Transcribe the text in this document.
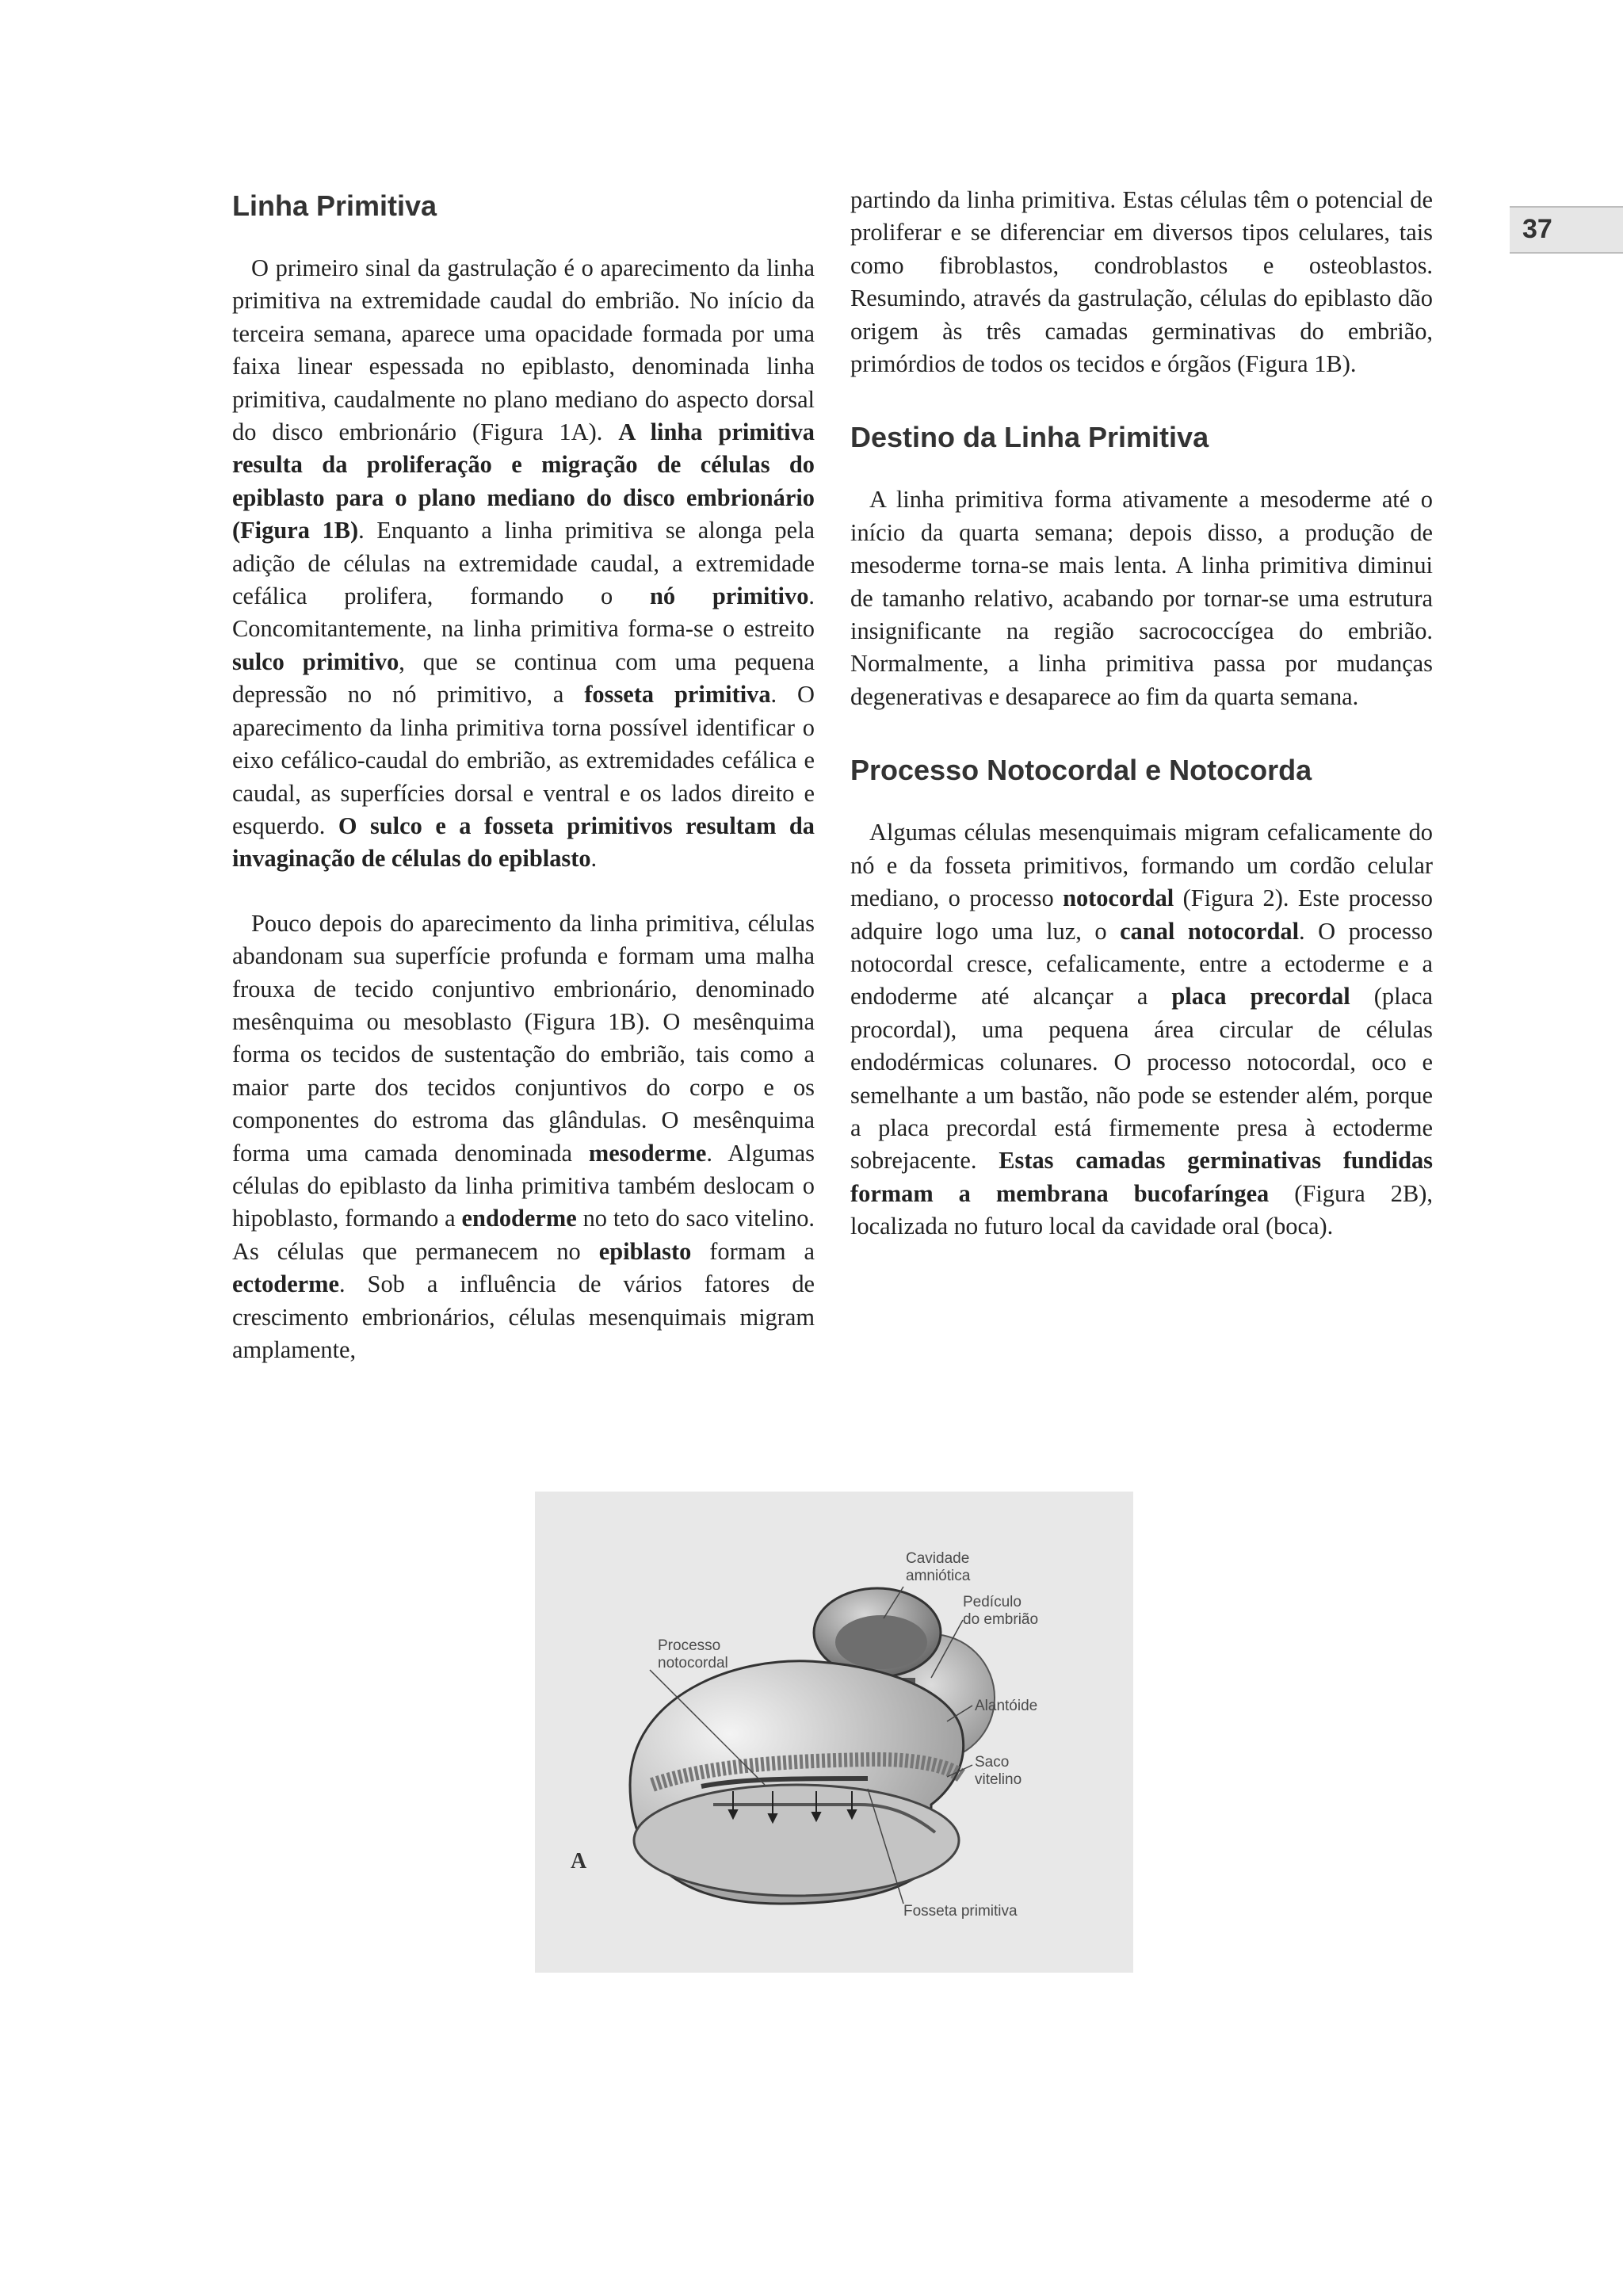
37
Linha Primitiva

O primeiro sinal da gastrulação é o aparecimento da linha primitiva na extremidade caudal do embrião. No início da terceira semana, aparece uma opacidade formada por uma faixa linear espessada no epiblasto, denominada linha primitiva, caudalmente no plano mediano do aspecto dorsal do disco embrionário (Figura 1A). A linha primitiva resulta da proliferação e migração de células do epiblasto para o plano mediano do disco embrionário (Figura 1B). Enquanto a linha primitiva se alonga pela adição de células na extremidade caudal, a extremidade cefálica prolifera, formando o nó primitivo. Concomitantemente, na linha primitiva forma-se o estreito sulco primitivo, que se continua com uma pequena depressão no nó primitivo, a fosseta primitiva. O aparecimento da linha primitiva torna possível identificar o eixo cefálico-caudal do embrião, as extremidades cefálica e caudal, as superfícies dorsal e ventral e os lados direito e esquerdo. O sulco e a fosseta primitivos resultam da invaginação de células do epiblasto.

Pouco depois do aparecimento da linha primitiva, células abandonam sua superfície profunda e formam uma malha frouxa de tecido conjuntivo embrionário, denominado mesênquima ou mesoblasto (Figura 1B). O mesênquima forma os tecidos de sustentação do embrião, tais como a maior parte dos tecidos conjuntivos do corpo e os componentes do estroma das glândulas. O mesênquima forma uma camada denominada mesoderme. Algumas células do epiblasto da linha primitiva também deslocam o hipoblasto, formando a endoderme no teto do saco vitelino. As células que permanecem no epiblasto formam a ectoderme. Sob a influência de vários fatores de crescimento embrionários, células mesenquimais migram amplamente,

partindo da linha primitiva. Estas células têm o potencial de proliferar e se diferenciar em diversos tipos celulares, tais como fibroblastos, condroblastos e osteoblastos. Resumindo, através da gastrulação, células do epiblasto dão origem às três camadas germinativas do embrião, primórdios de todos os tecidos e órgãos (Figura 1B).

Destino da Linha Primitiva

A linha primitiva forma ativamente a mesoderme até o início da quarta semana; depois disso, a produção de mesoderme torna-se mais lenta. A linha primitiva diminui de tamanho relativo, acabando por tornar-se uma estrutura insignificante na região sacrococcígea do embrião. Normalmente, a linha primitiva passa por mudanças degenerativas e desaparece ao fim da quarta semana.

Processo Notocordal e Notocorda

Algumas células mesenquimais migram cefalicamente do nó e da fosseta primitivos, formando um cordão celular mediano, o processo notocordal (Figura 2). Este processo adquire logo uma luz, o canal notocordal. O processo notocordal cresce, cefalicamente, entre a ectoderme e a endoderme até alcançar a placa precordal (placa procordal), uma pequena área circular de células endodérmicas colunares. O processo notocordal, oco e semelhante a um bastão, não pode se estender além, porque a placa precordal está firmemente presa à ectoderme sobrejacente. Estas camadas germinativas fundidas formam a membrana bucofaríngea (Figura 2B), localizada no futuro local da cavidade oral (boca).

Cavidade
amniótica
Pedículo
do embrião
Processo
notocordal
Alantóide
Saco
vitelino
Fosseta primitiva
A
